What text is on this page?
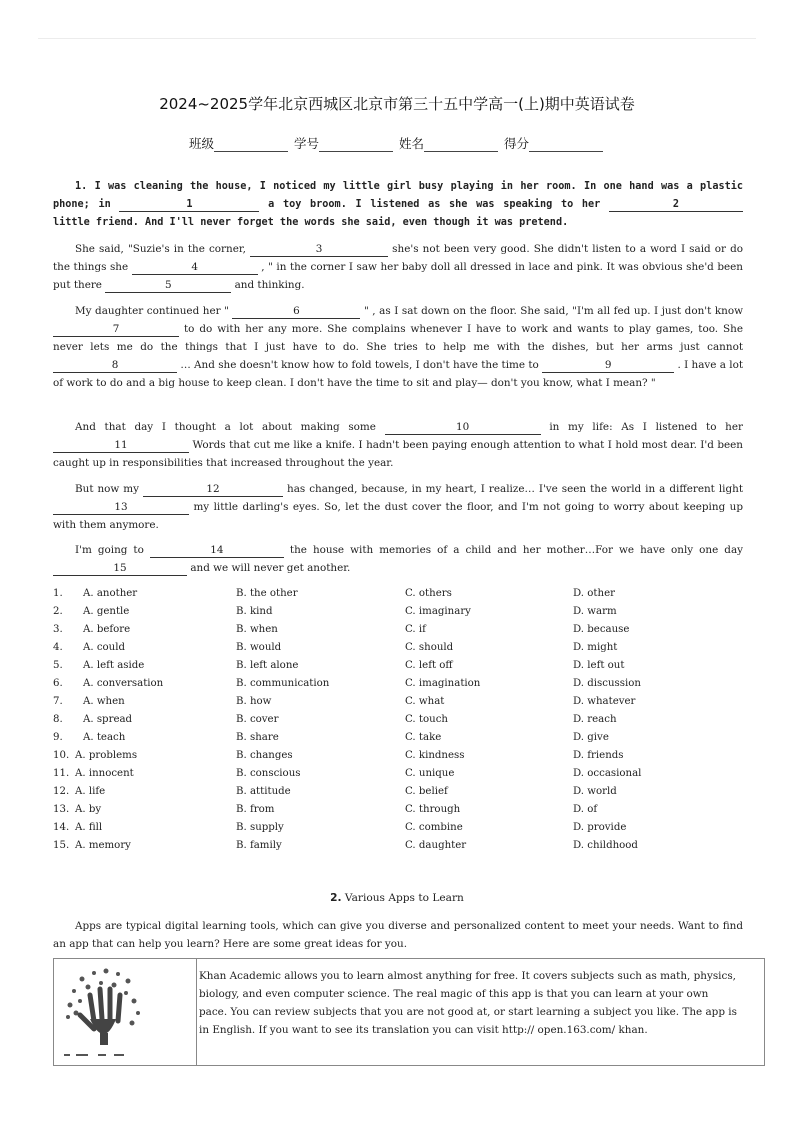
2024~2025学年北京西城区北京市第三十五中学高一(上)期中英语试卷
班级	学号	姓名	得分

1. I was cleaning the house, I noticed my little girl busy playing in her room. In one hand was a plastic phone; in	1	a toy broom. I listened as she was speaking to her	2 little friend. And I'll never forget the words she said, even though it was pretend.

She said, "Suzie's in the corner,	3	she's not been very good. She didn't listen to a word I said or do the things she	4	, " in the corner I saw her baby doll all dressed in lace and pink. It was obvious she'd been put there	5	and thinking.

My daughter continued her "	6	" , as I sat down on the floor. She said, "I'm all fed up. I just don't know 7	to do with her any more. She complains whenever I have to work and wants to play games, too. She never lets me do the things that I just have to do. She tries to help me with the dishes, but her arms just cannot 8	… And she doesn't know how to fold towels, I don't have the time to	9	. I have a lot of work to do and a big house to keep clean. I don't have the time to sit and play— don't you know, what I mean? "

And that day I thought a lot about making some	10	in my life: As I listened to her 11	Words that cut me like a knife. I hadn't been paying enough attention to what I hold most dear. I'd been caught up in responsibilities that increased throughout the year.

But now my	12	has changed, because, in my heart, I realize… I've seen the world in a different light 13	my little darling's eyes. So, let the dust cover the floor, and I'm not going to worry about keeping up with them anymore.

I'm going to	14	the house with memories of a child and her mother…For we have only one day 15	and we will never get another.

1. A. another	B. the other	C. others	D. other
2. A. gentle	B. kind	C. imaginary	D. warm
3. A. before	B. when	C. if	D. because
4. A. could	B. would	C. should	D. might
5. A. left aside	B. left alone	C. left off	D. left out
6. A. conversation	B. communication	C. imagination	D. discussion
7. A. when	B. how	C. what	D. whatever
8. A. spread	B. cover	C. touch	D. reach
9. A. teach	B. share	C. take	D. give
10. A. problems	B. changes	C. kindness	D. friends
11. A. innocent	B. conscious	C. unique	D. occasional
12. A. life	B. attitude	C. belief	D. world
13. A. by	B. from	C. through	D. of
14. A. fill	B. supply	C. combine	D. provide
15. A. memory	B. family	C. daughter	D. childhood
2. Various Apps to Learn
Apps are typical digital learning tools, which can give you diverse and personalized content to meet your needs. Want to find an app that can help you learn? Here are some great ideas for you.
Khan Academic allows you to learn almost anything for free. It covers subjects such as math, physics, biology, and even computer science. The real magic of this app is that you can learn at your own pace. You can review subjects that you are not good at, or start learning a subject you like. The app is in English. If you want to see its translation you can visit http:// open.163.com/ khan.
